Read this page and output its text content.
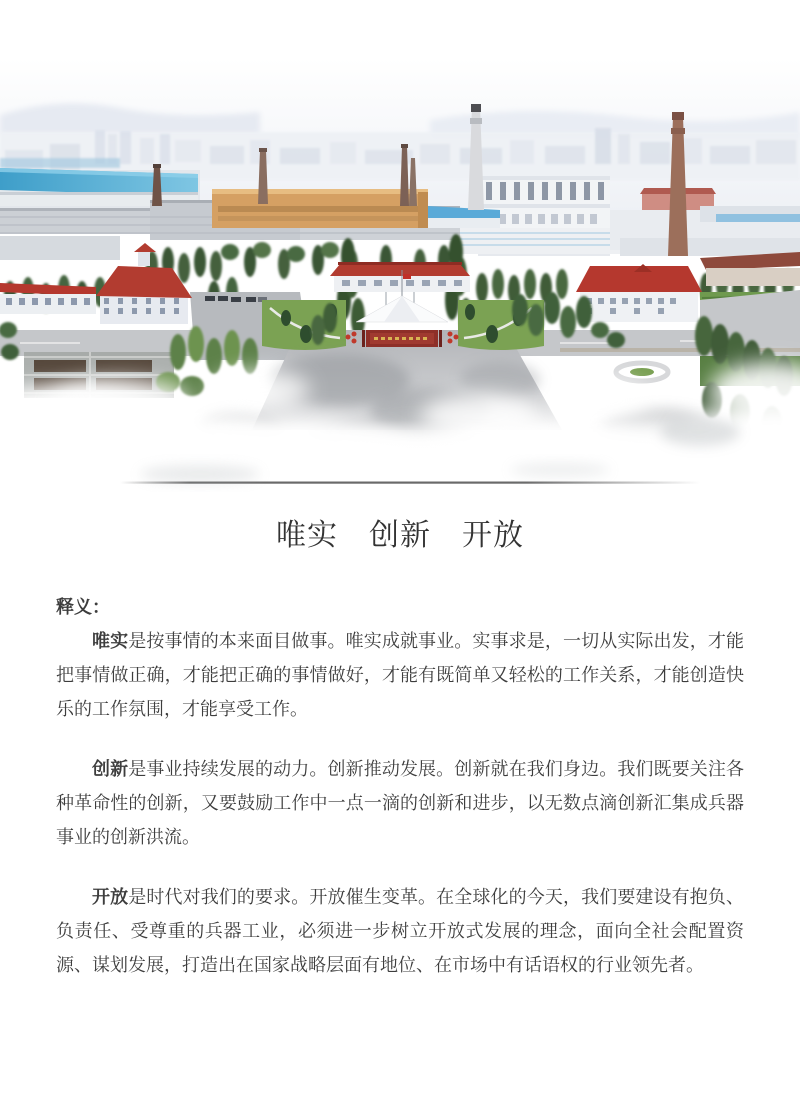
唯实　创新　开放
释义：

唯实是按事情的本来面目做事。唯实成就事业。实事求是，一切从实际出发，才能把事情做正确，才能把正确的事情做好，才能有既简单又轻松的工作关系，才能创造快乐的工作氛围，才能享受工作。

创新是事业持续发展的动力。创新推动发展。创新就在我们身边。我们既要关注各种革命性的创新，又要鼓励工作中一点一滴的创新和进步，以无数点滴创新汇集成兵器事业的创新洪流。

开放是时代对我们的要求。开放催生变革。在全球化的今天，我们要建设有抱负、负责任、受尊重的兵器工业，必须进一步树立开放式发展的理念，面向全社会配置资源、谋划发展，打造出在国家战略层面有地位、在市场中有话语权的行业领先者。
